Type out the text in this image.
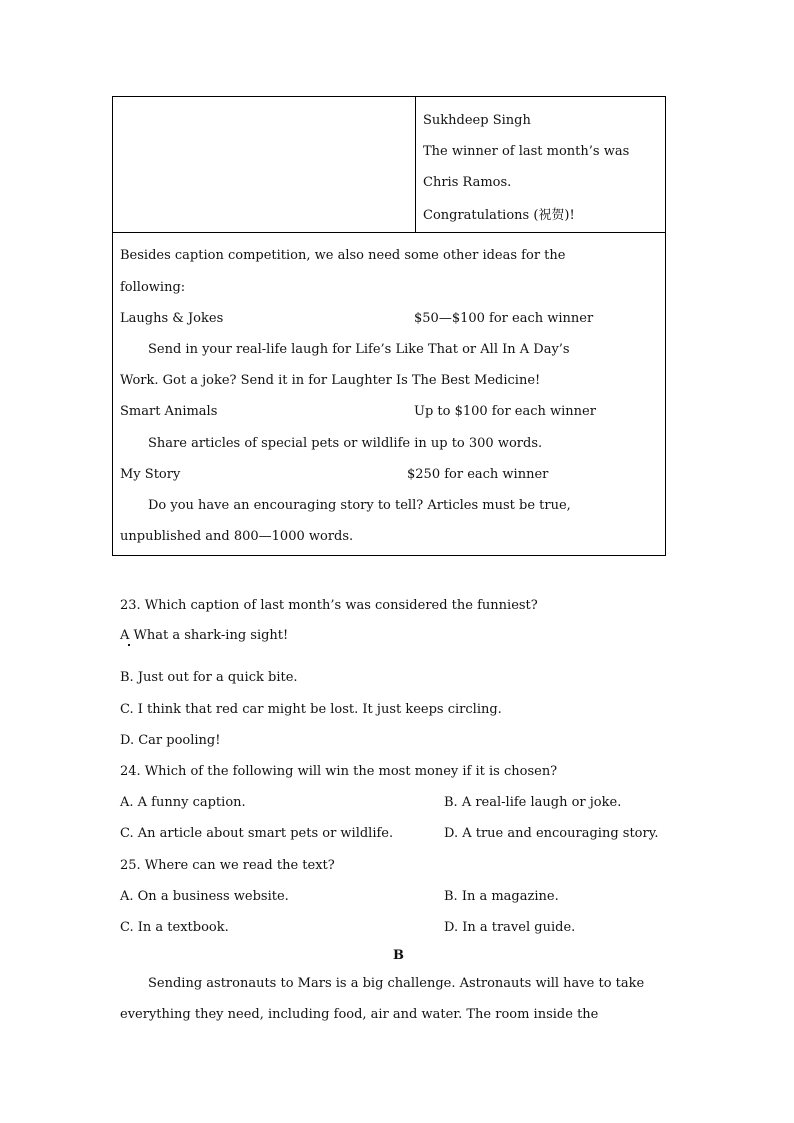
Sukhdeep Singh
The winner of last month’s was
Chris Ramos.
Congratulations (祝贺)!
Besides caption competition, we also need some other ideas for the
following:
Laughs & Jokes	$50—$100 for each winner
Send in your real-life laugh for Life’s Like That or All In A Day’s
Work. Got a joke? Send it in for Laughter Is The Best Medicine!
Smart Animals	Up to $100 for each winner
Share articles of special pets or wildlife in up to 300 words.
My Story	$250 for each winner
Do you have an encouraging story to tell? Articles must be true,
unpublished and 800—1000 words.
23. Which caption of last month’s was considered the funniest?
A What a shark-ing sight!
B. Just out for a quick bite.
C. I think that red car might be lost. It just keeps circling.
D. Car pooling!
24. Which of the following will win the most money if it is chosen?
A. A funny caption.	B. A real-life laugh or joke.
C. An article about smart pets or wildlife.	D. A true and encouraging story.
25. Where can we read the text?
A. On a business website.	B. In a magazine.
C. In a textbook.	D. In a travel guide.
B
Sending astronauts to Mars is a big challenge. Astronauts will have to take
everything they need, including food, air and water. The room inside the
